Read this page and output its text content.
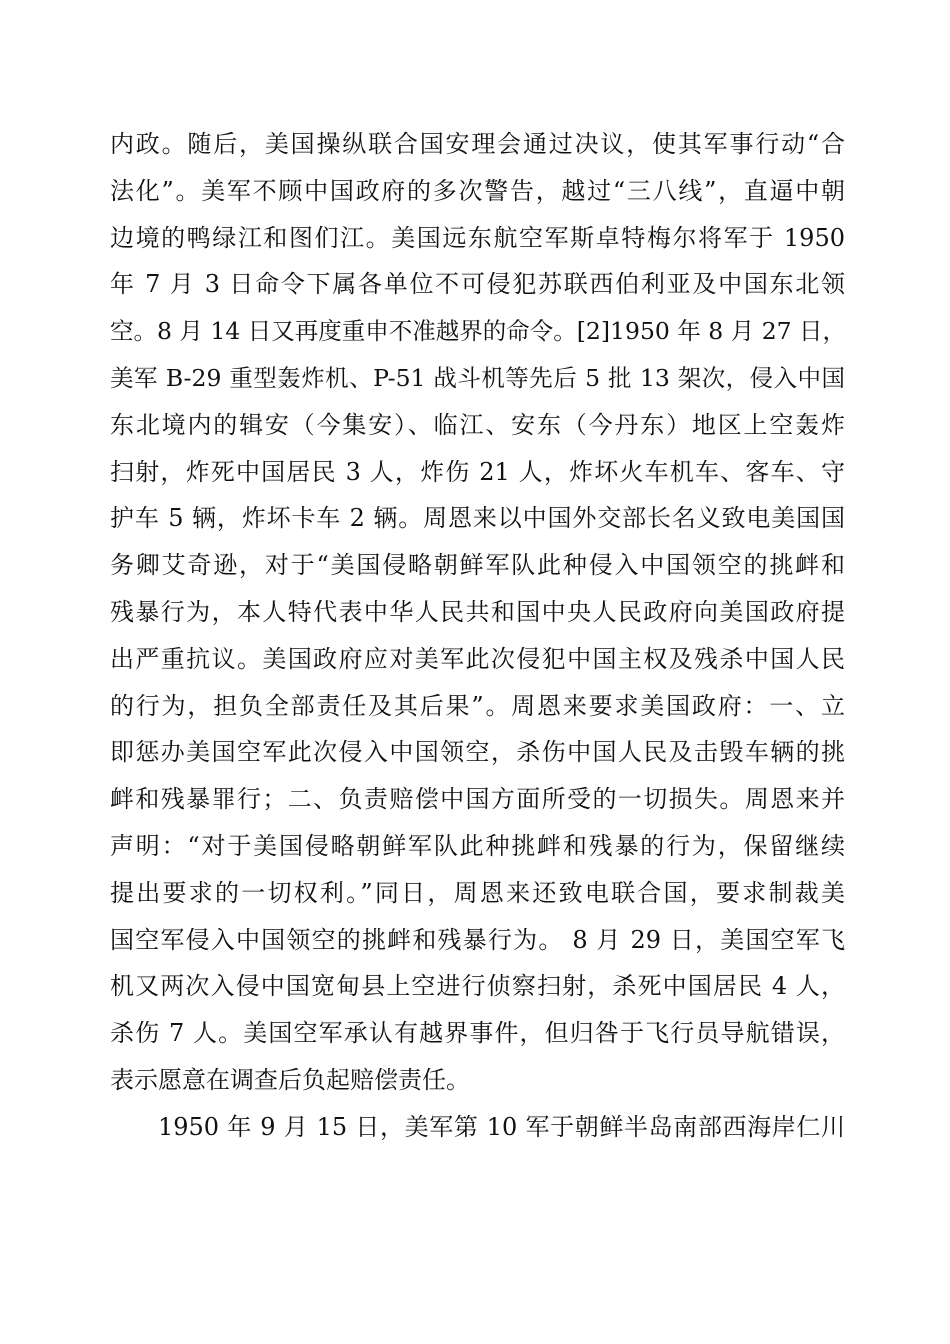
内政。随后，美国操纵联合国安理会通过决议，使其军事行动“合
法化”。美军不顾中国政府的多次警告，越过“三八线”，直逼中朝
边境的鸭绿江和图们江。美国远东航空军斯卓特梅尔将军于 1950
年 7 月 3 日命令下属各单位不可侵犯苏联西伯利亚及中国东北领
空。8 月 14 日又再度重申不准越界的命令。[2]1950 年 8 月 27 日，
美军 B-29 重型轰炸机、P-51 战斗机等先后 5 批 13 架次，侵入中国
东北境内的辑安（今集安）、临江、安东（今丹东）地区上空轰炸
扫射，炸死中国居民 3 人，炸伤 21 人，炸坏火车机车、客车、守
护车 5 辆，炸坏卡车 2 辆。周恩来以中国外交部长名义致电美国国
务卿艾奇逊，对于“美国侵略朝鲜军队此种侵入中国领空的挑衅和
残暴行为，本人特代表中华人民共和国中央人民政府向美国政府提
出严重抗议。美国政府应对美军此次侵犯中国主权及残杀中国人民
的行为，担负全部责任及其后果”。周恩来要求美国政府：一、立
即惩办美国空军此次侵入中国领空，杀伤中国人民及击毁车辆的挑
衅和残暴罪行；二、负责赔偿中国方面所受的一切损失。周恩来并
声明：“对于美国侵略朝鲜军队此种挑衅和残暴的行为，保留继续
提出要求的一切权利。”同日，周恩来还致电联合国，要求制裁美
国空军侵入中国领空的挑衅和残暴行为。 8 月 29 日，美国空军飞
机又两次入侵中国宽甸县上空进行侦察扫射，杀死中国居民 4 人，
杀伤 7 人。美国空军承认有越界事件，但归咎于飞行员导航错误，
表示愿意在调查后负起赔偿责任。
1950 年 9 月 15 日，美军第 10 军于朝鲜半岛南部西海岸仁川
